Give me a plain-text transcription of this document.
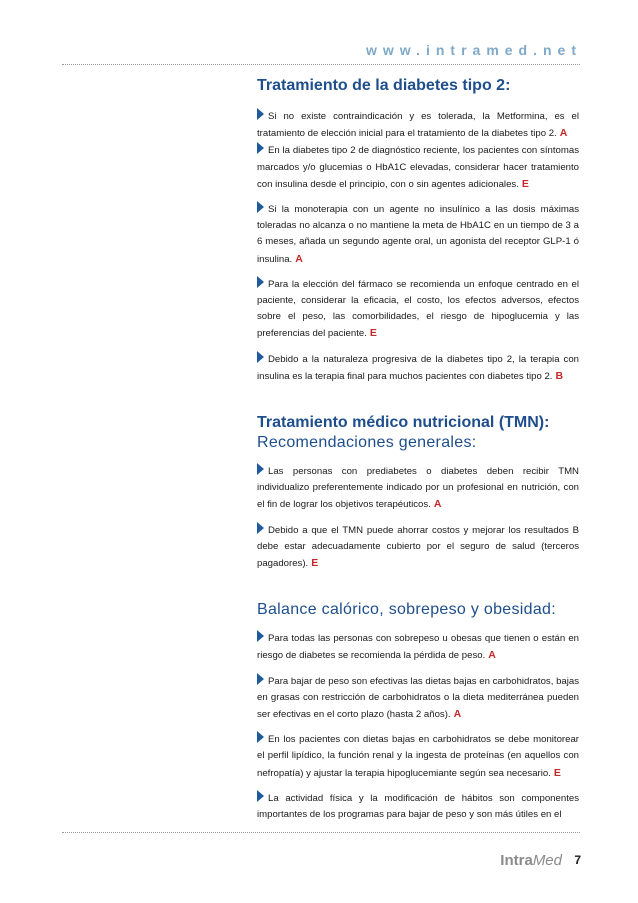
www.intramed.net
Tratamiento de la diabetes tipo 2:

Si no existe contraindicación y es tolerada, la Metformina, es el tratamiento de elección inicial para el tratamiento de la diabetes tipo 2. A

En la diabetes tipo 2 de diagnóstico reciente, los pacientes con síntomas marcados y/o glucemias o HbA1C elevadas, considerar hacer tratamiento con insulina desde el principio, con o sin agentes adicionales. E

Si la monoterapia con un agente no insulínico a las dosis máximas toleradas no alcanza o no mantiene la meta de HbA1C en un tiempo de 3 a 6 meses, añada un segundo agente oral, un agonista del receptor GLP-1 ó insulina. A

Para la elección del fármaco se recomienda un enfoque centrado en el paciente, considerar la eficacia, el costo, los efectos adversos, efectos sobre el peso, las comorbilidades, el riesgo de hipoglucemia y las preferencias del paciente. E

Debido a la naturaleza progresiva de la diabetes tipo 2, la terapia con insulina es la terapia final para muchos pacientes con diabetes tipo 2. B

Tratamiento médico nutricional (TMN):
Recomendaciones generales:

Las personas con prediabetes o diabetes deben recibir TMN individualizo preferentemente indicado por un profesional en nutrición, con el fin de lograr los objetivos terapéuticos. A

Debido a que el TMN puede ahorrar costos y mejorar los resultados B debe estar adecuadamente cubierto por el seguro de salud (terceros pagadores). E

Balance calórico, sobrepeso y obesidad:

Para todas las personas con sobrepeso u obesas que tienen o están en riesgo de diabetes se recomienda la pérdida de peso. A

Para bajar de peso son efectivas las dietas bajas en carbohidratos, bajas en grasas con restricción de carbohidratos o la dieta mediterránea pueden ser efectivas en el corto plazo (hasta 2 años). A

En los pacientes con dietas bajas en carbohidratos se debe monitorear el perfil lipídico, la función renal y la ingesta de proteínas (en aquellos con nefropatía) y ajustar la terapia hipoglucemiante según sea necesario. E

La actividad física y la modificación de hábitos son componentes importantes de los programas para bajar de peso y son más útiles en el

IntraMed 7
